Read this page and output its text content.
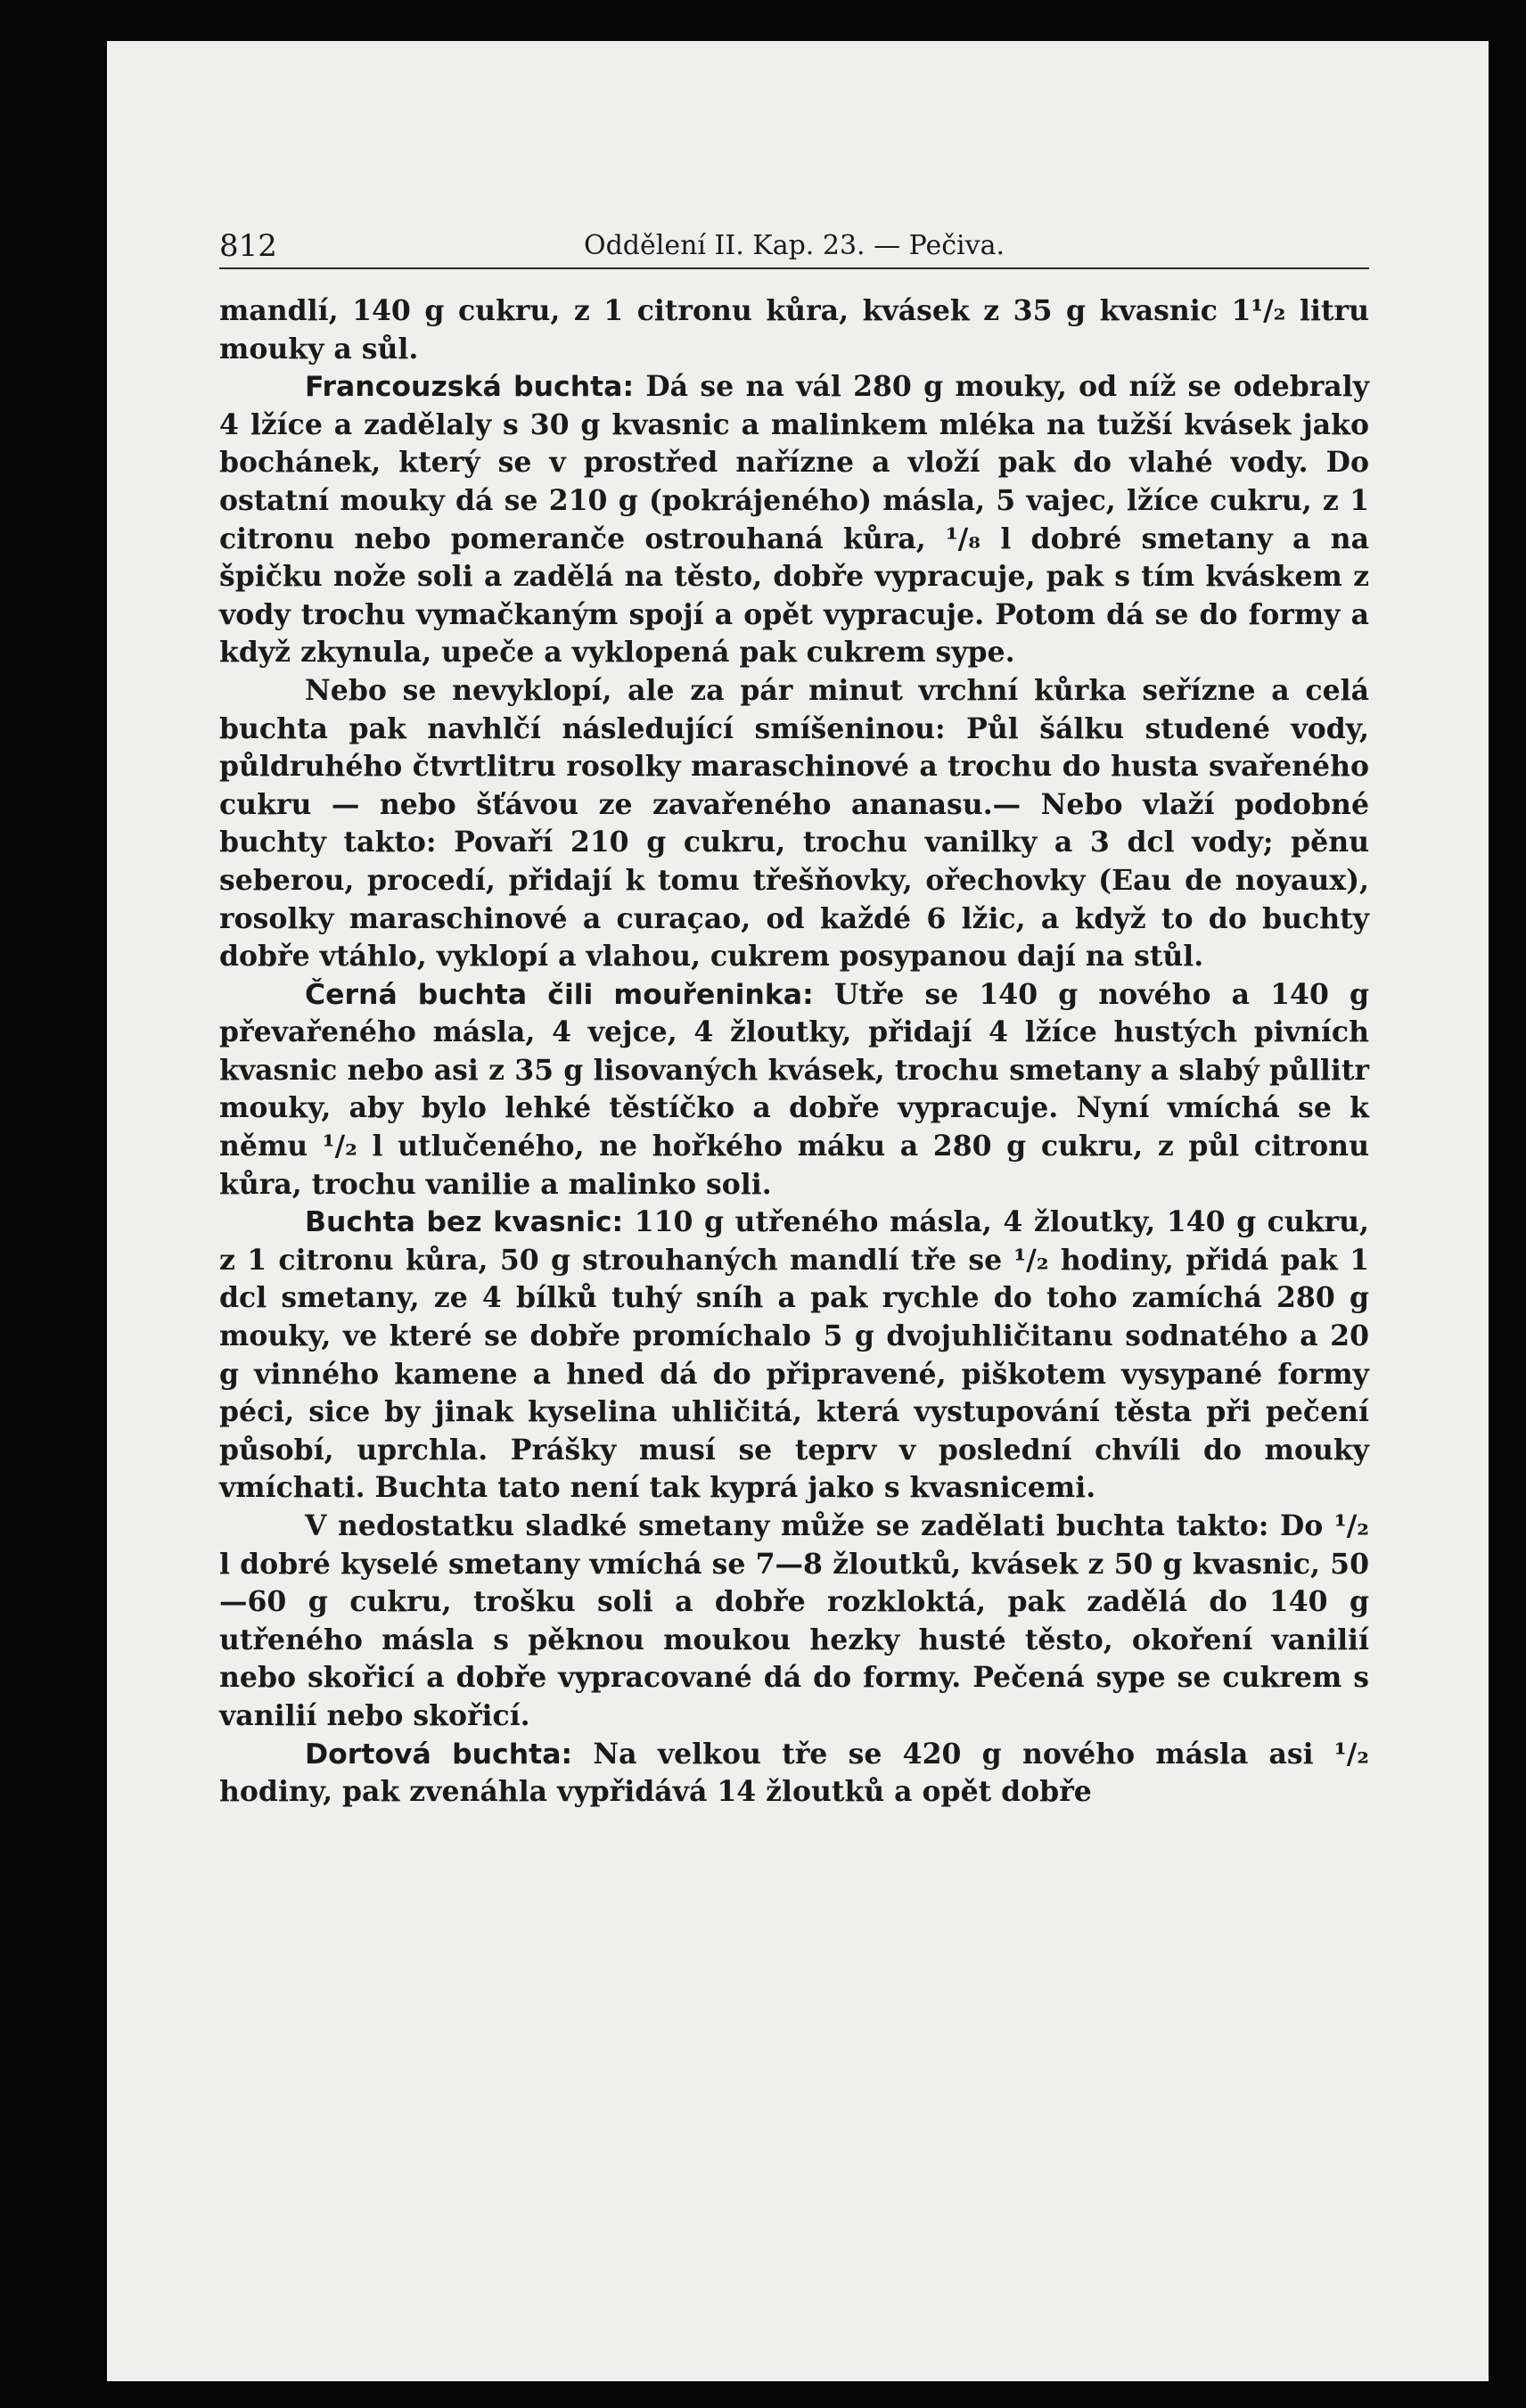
812	Oddělení II. Kap. 23. — Pečiva.

mandlí, 140 g cukru, z 1 citronu kůra, kvásek z 35 g kvasnic 1¹/₂ litru mouky a sůl.

Francouzská buchta: Dá se na vál 280 g mouky, od níž se odebraly 4 lžíce a zadělaly s 30 g kvasnic a malinkem mléka na tužší kvásek jako bochánek, který se v prostřed nařízne a vloží pak do vlahé vody. Do ostatní mouky dá se 210 g (pokrájeného) másla, 5 vajec, lžíce cukru, z 1 citronu nebo pomeranče ostrouhaná kůra, ¹/₈ l dobré smetany a na špičku nože soli a zadělá na těsto, dobře vypracuje, pak s tím kváskem z vody trochu vymačkaným spojí a opět vypracuje. Potom dá se do formy a když zkynula, upeče a vyklopená pak cukrem sype.

Nebo se nevyklopí, ale za pár minut vrchní kůrka seřízne a celá buchta pak navhlčí následující smíšeninou: Půl šálku studené vody, půldruhého čtvrtlitru rosolky maraschinové a trochu do husta svařeného cukru — nebo šťávou ze zavařeného ananasu.— Nebo vlaží podobné buchty takto: Povaří 210 g cukru, trochu vanilky a 3 dcl vody; pěnu seberou, procedí, přidají k tomu třešňovky, ořechovky (Eau de noyaux), rosolky maraschinové a curaçao, od každé 6 lžic, a když to do buchty dobře vtáhlo, vyklopí a vlahou, cukrem posypanou dají na stůl.

Černá buchta čili mouřeninka: Utře se 140 g nového a 140 g převařeného másla, 4 vejce, 4 žloutky, přidají 4 lžíce hustých pivních kvasnic nebo asi z 35 g lisovaných kvásek, trochu smetany a slabý půllitr mouky, aby bylo lehké těstíčko a dobře vypracuje. Nyní vmíchá se k němu ¹/₂ l utlučeného, ne hořkého máku a 280 g cukru, z půl citronu kůra, trochu vanilie a malinko soli.

Buchta bez kvasnic: 110 g utřeného másla, 4 žloutky, 140 g cukru, z 1 citronu kůra, 50 g strouhaných mandlí tře se ¹/₂ hodiny, přidá pak 1 dcl smetany, ze 4 bílků tuhý sníh a pak rychle do toho zamíchá 280 g mouky, ve které se dobře promíchalo 5 g dvojuhličitanu sodnatého a 20 g vinného kamene a hned dá do připravené, piškotem vysypané formy péci, sice by jinak kyselina uhličitá, která vystupování těsta při pečení působí, uprchla. Prášky musí se teprv v poslední chvíli do mouky vmíchati. Buchta tato není tak kyprá jako s kvasnicemi.

V nedostatku sladké smetany může se zadělati buchta takto: Do ¹/₂ l dobré kyselé smetany vmíchá se 7—8 žloutků, kvásek z 50 g kvasnic, 50—60 g cukru, trošku soli a dobře rozkloktá, pak zadělá do 140 g utřeného másla s pěknou moukou hezky husté těsto, okoření vanilií nebo skořicí a dobře vypracované dá do formy. Pečená sype se cukrem s vanilií nebo skořicí.

Dortová buchta: Na velkou tře se 420 g nového másla asi ¹/₂ hodiny, pak zvenáhla vypřidává 14 žloutků a opět dobře
